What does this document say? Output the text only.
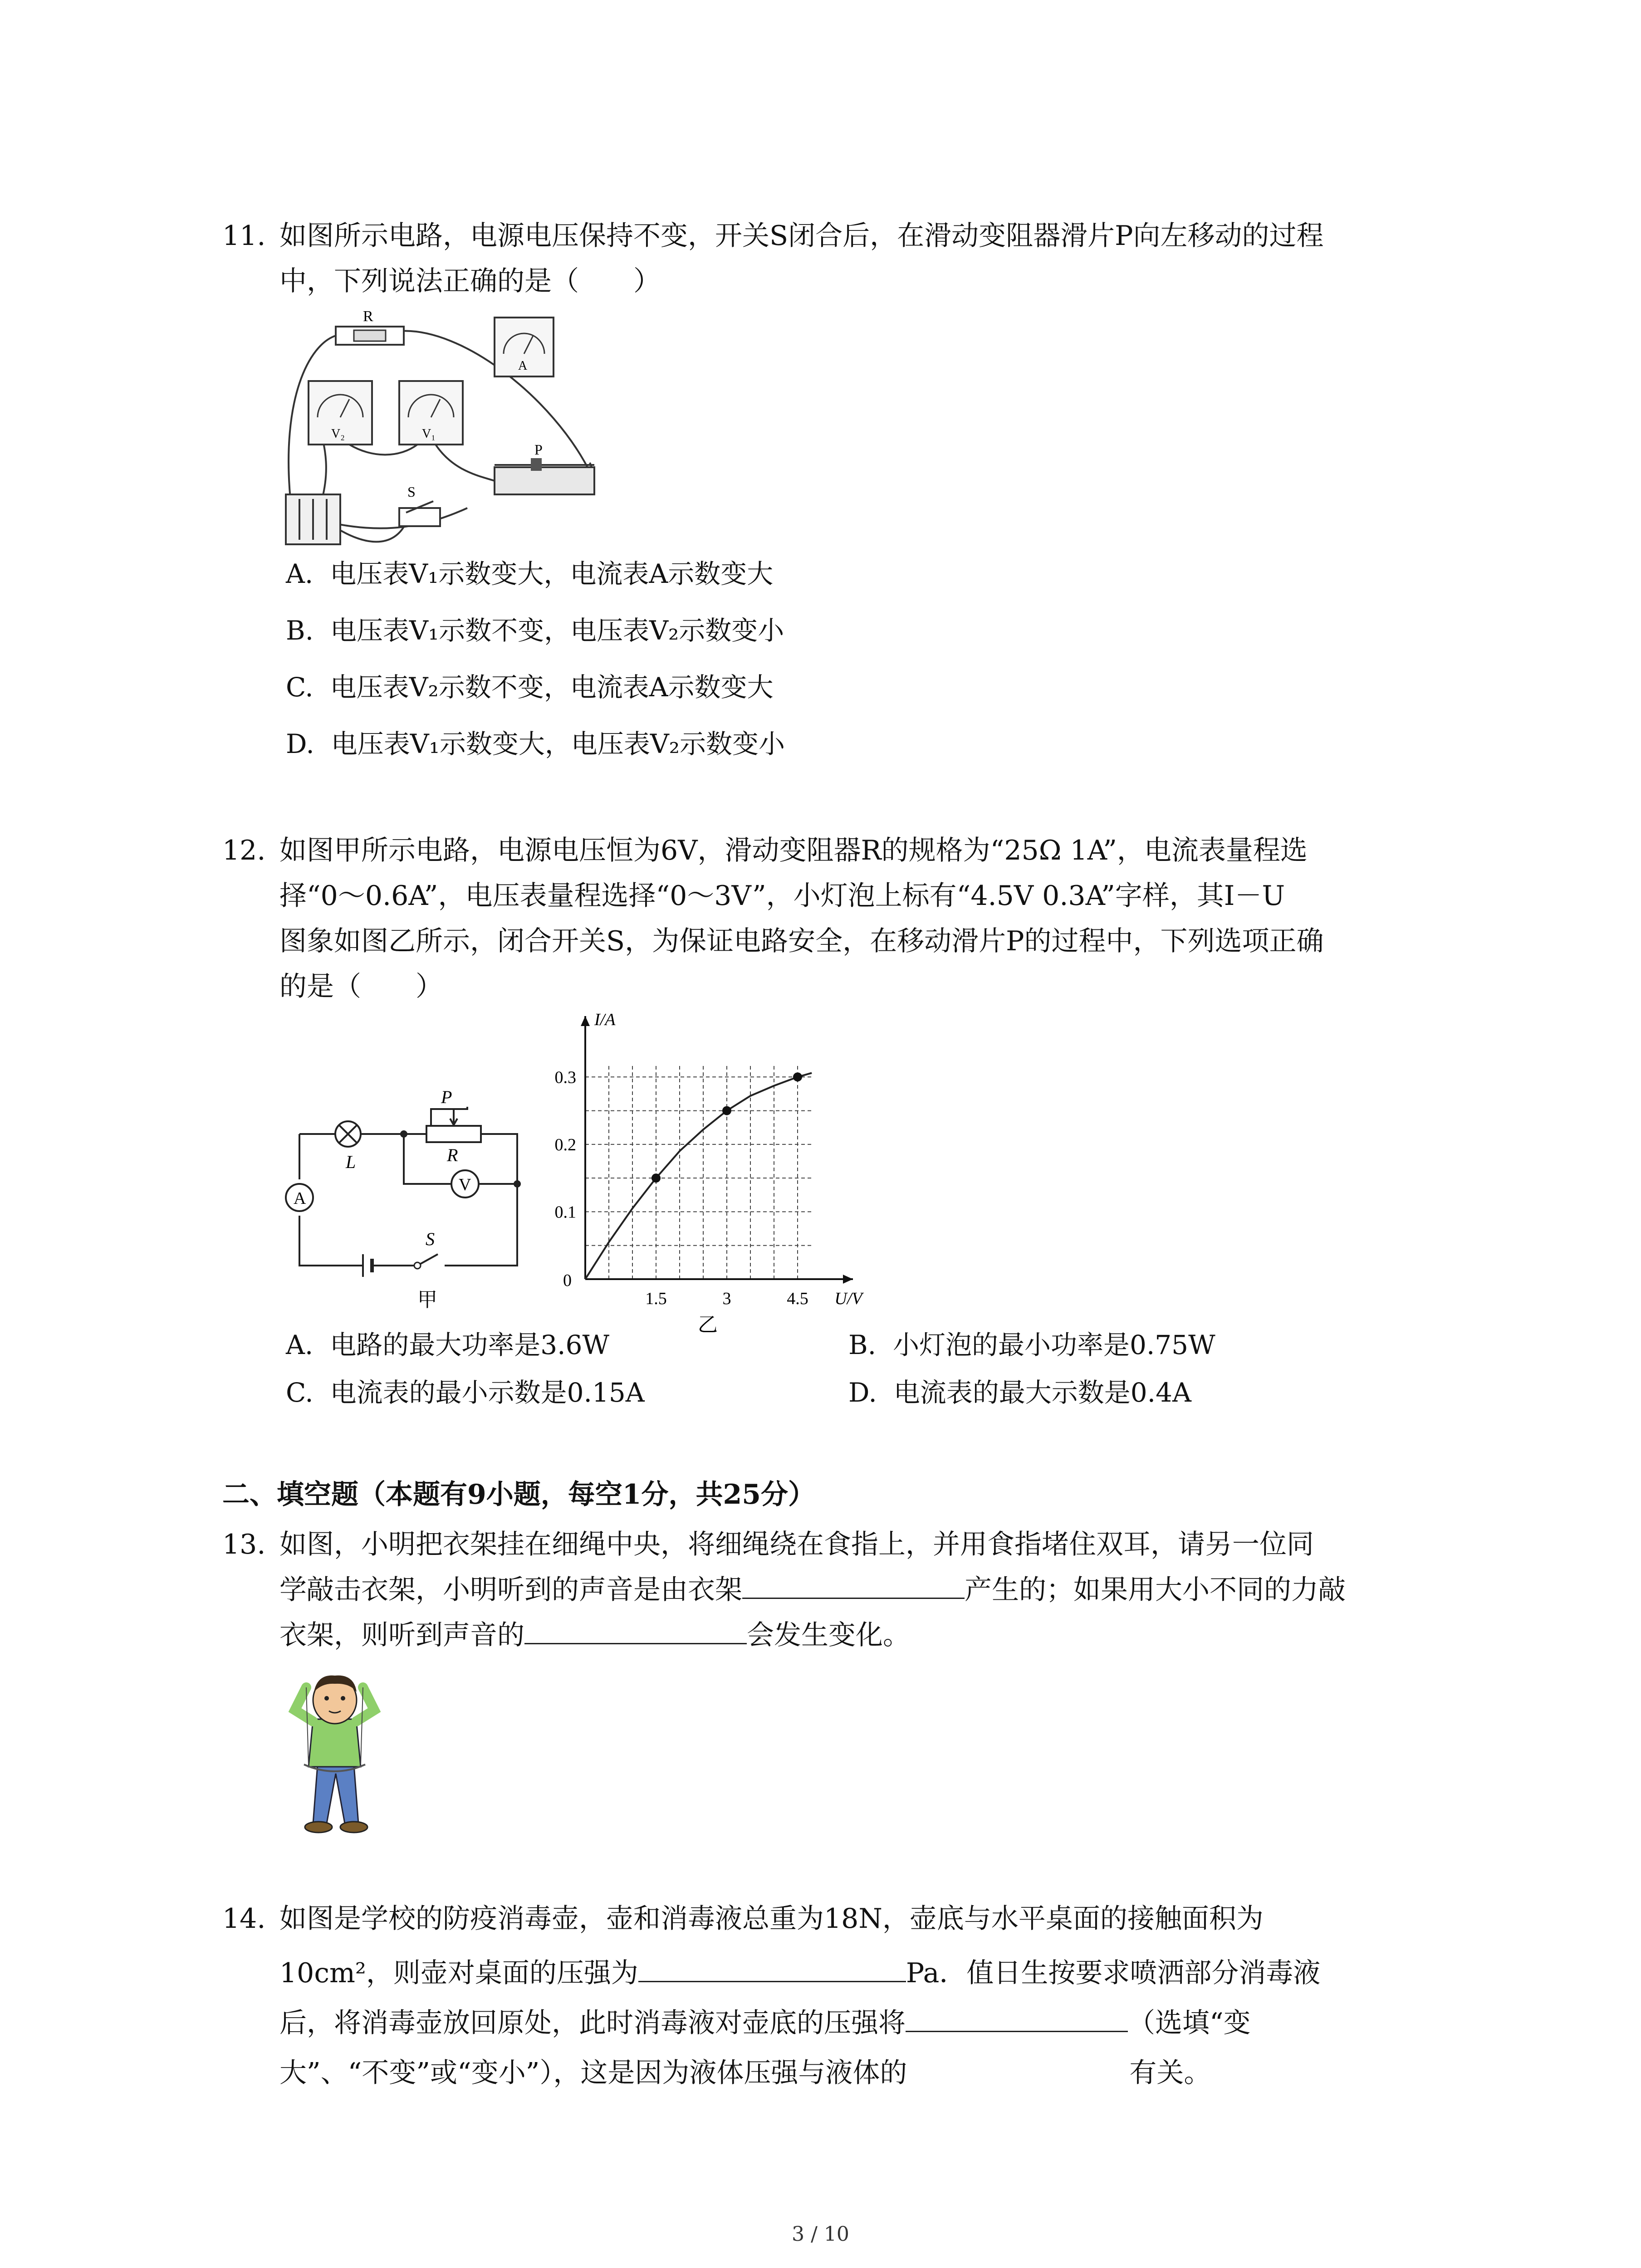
11. 如图所示电路，电源电压保持不变，开关S闭合后，在滑动变阻器滑片P向左移动的过程
中，下列说法正确的是（　　）
R
A
V₂	V₁
P
S
A. 电压表V₁示数变大，电流表A示数变大
B. 电压表V₁示数不变，电压表V₂示数变小
C. 电压表V₂示数不变，电流表A示数变大
D. 电压表V₁示数变大，电压表V₂示数变小
12. 如图甲所示电路，电源电压恒为6V，滑动变阻器R的规格为“25Ω 1A”，电流表量程选
择“0～0.6A”，电压表量程选择“0～3V”，小灯泡上标有“4.5V 0.3A”字样，其I－U
图象如图乙所示，闭合开关S，为保证电路安全，在移动滑片P的过程中，下列选项正确
的是（　　）
P
R
L
A
V
S
甲	1.5	3	4.5
0.1
0.2
0.3
0
U/V
I/A
乙
A. 电路的最大功率是3.6W	B. 小灯泡的最小功率是0.75W
C. 电流表的最小示数是0.15A	D. 电流表的最大示数是0.4A
二、填空题（本题有9小题，每空1分，共25分）
13. 如图，小明把衣架挂在细绳中央，将细绳绕在食指上，并用食指堵住双耳，请另一位同
学敲击衣架，小明听到的声音是由衣架	产生的；如果用大小不同的力敲
衣架，则听到声音的	会发生变化。
14. 如图是学校的防疫消毒壶，壶和消毒液总重为18N，壶底与水平桌面的接触面积为
10cm²，则壶对桌面的压强为	Pa．值日生按要求喷洒部分消毒液
后，将消毒壶放回原处，此时消毒液对壶底的压强将	（选填“变
大”、“不变”或“变小”），这是因为液体压强与液体的	有关。
3 / 10
